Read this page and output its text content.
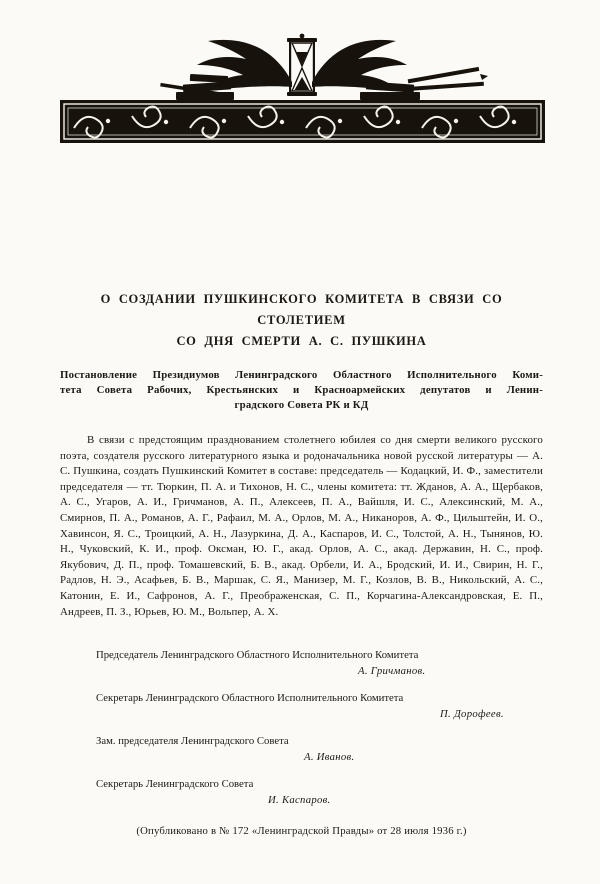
О СОЗДАНИИ ПУШКИНСКОГО КОМИТЕТА В СВЯЗИ СО СТОЛЕТИЕМ
СО ДНЯ СМЕРТИ А. С. ПУШКИНА
Постановление Президиумов Ленинградского Областного Исполнительного Коми-
тета Совета Рабочих, Крестьянских и Красноармейских депутатов и Ленин-
градского Совета РК и КД
В связи с предстоящим празднованием столетнего юбилея со дня смерти великого русского поэта, создателя русского литературного языка и родоначальника новой русской литературы — А. С. Пушкина, создать Пушкинский Комитет в составе: председатель — Кодацкий, И. Ф., заместители председателя — тт. Тюркин, П. А. и Тихонов, Н. С., члены комитета: тт. Жданов, А. А., Щербаков, А. С., Угаров, А. И., Гричманов, А. П., Алексеев, П. А., Вайшля, И. С., Алексинский, М. А., Смирнов, П. А., Романов, А. Г., Рафаил, М. А., Орлов, М. А., Никаноров, А. Ф., Цильштейн, И. О., Хавинсон, Я. С., Троицкий, А. Н., Лазуркина, Д. А., Каспаров, И. С., Толстой, А. Н., Тынянов, Ю. Н., Чуковский, К. И., проф. Оксман, Ю. Г., акад. Орлов, А. С., акад. Державин, Н. С., проф. Якубович, Д. П., проф. Томашевский, Б. В., акад. Орбели, И. А., Бродский, И. И., Свирин, Н. Г., Радлов, Н. Э., Асафьев, Б. В., Маршак, С. Я., Манизер, М. Г., Козлов, В. В., Никольский, А. С., Катонин, Е. И., Сафронов, А. Г., Преображенская, С. П., Корчагина-Александровская, Е. П., Андреев, П. З., Юрьев, Ю. М., Вольпер, А. Х.
Председатель Ленинградского Областного Исполнительного Комитета
А. Гричманов.
Секретарь Ленинградского Областного Исполнительного Комитета
П. Дорофеев.
Зам. председателя Ленинградского Совета
А. Иванов.
Секретарь Ленинградского Совета
И. Каспаров.
(Опубликовано в № 172 «Ленинградской Правды» от 28 июля 1936 г.)
